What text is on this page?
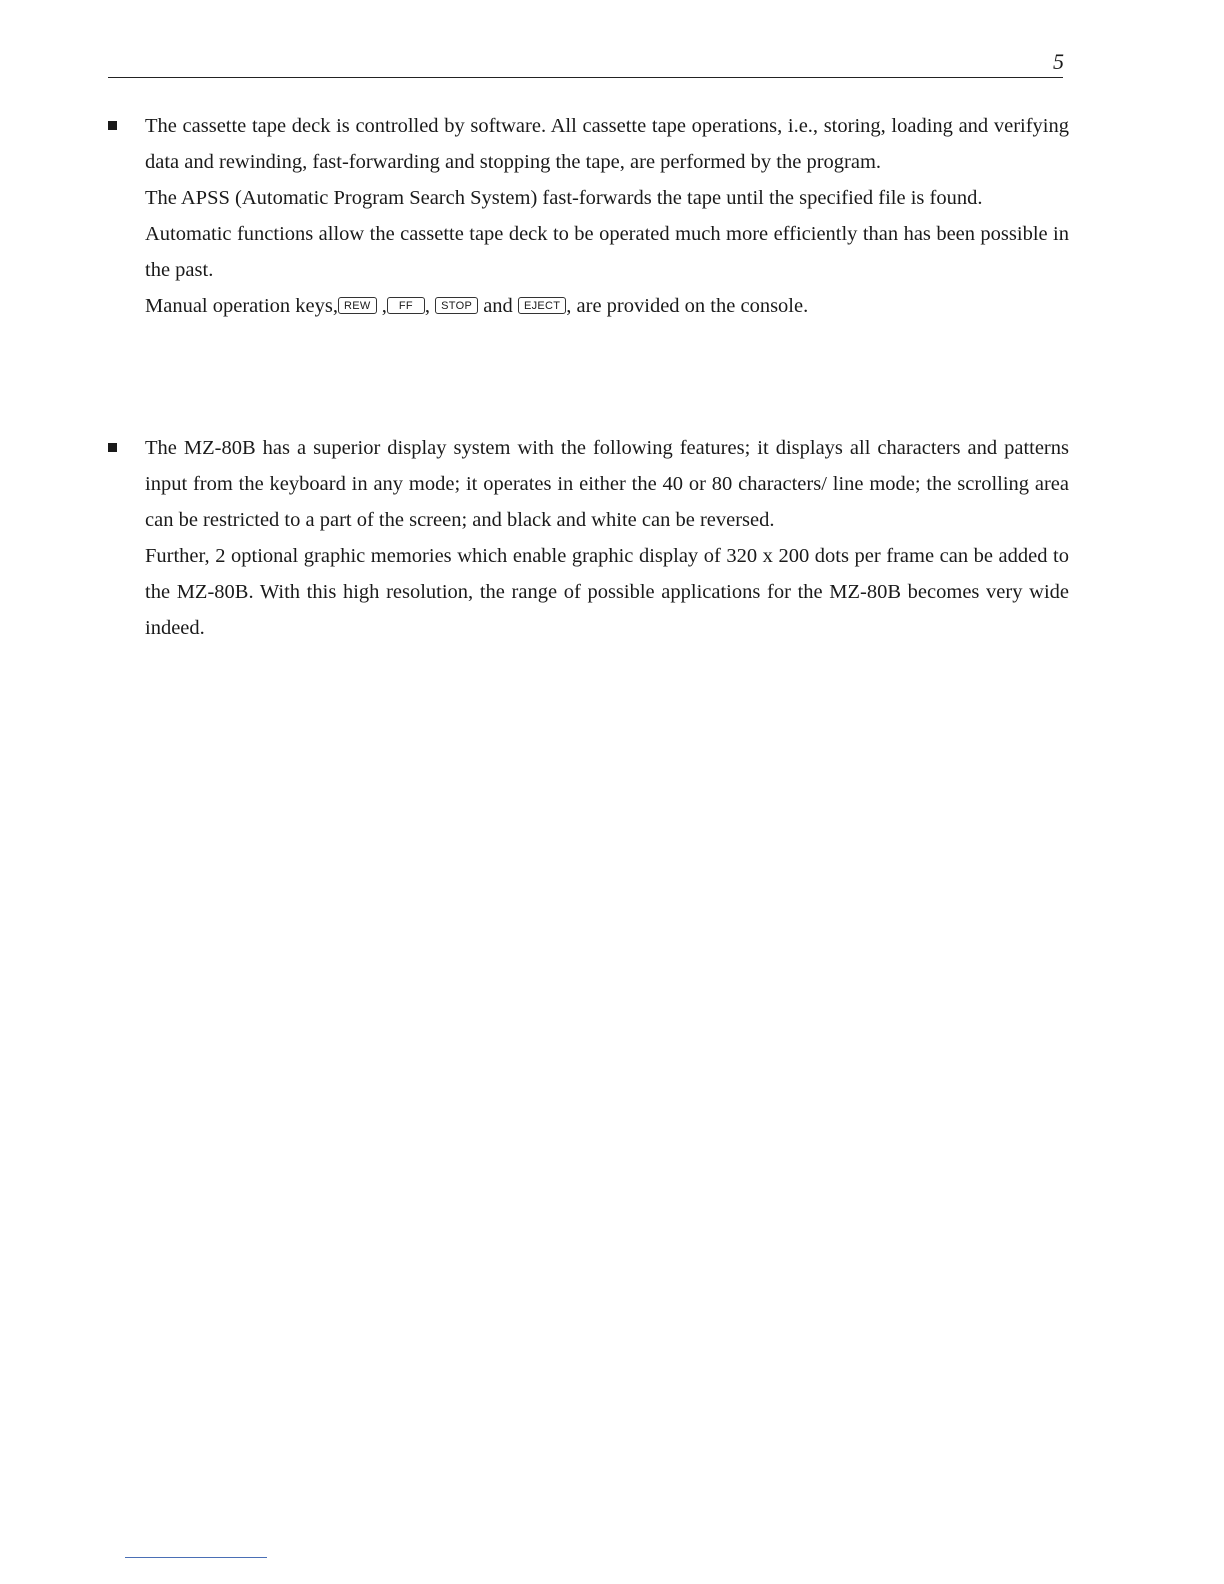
5

The cassette tape deck is controlled by software. All cassette tape operations, i.e., storing, loading and verifying data and rewinding, fast-forwarding and stopping the tape, are performed by the program.

The APSS (Automatic Program Search System) fast-forwards the tape until the specified file is found.

Automatic functions allow the cassette tape deck to be operated much more efficiently than has been possible in the past.

Manual operation keys, REW , FF , STOP and EJECT , are provided on the console.

The MZ-80B has a superior display system with the following features; it displays all characters and patterns input from the keyboard in any mode; it operates in either the 40 or 80 characters/ line mode; the scrolling area can be restricted to a part of the screen; and black and white can be reversed.

Further, 2 optional graphic memories which enable graphic display of 320 x 200 dots per frame can be added to the MZ-80B. With this high resolution, the range of possible applications for the MZ-80B becomes very wide indeed.
